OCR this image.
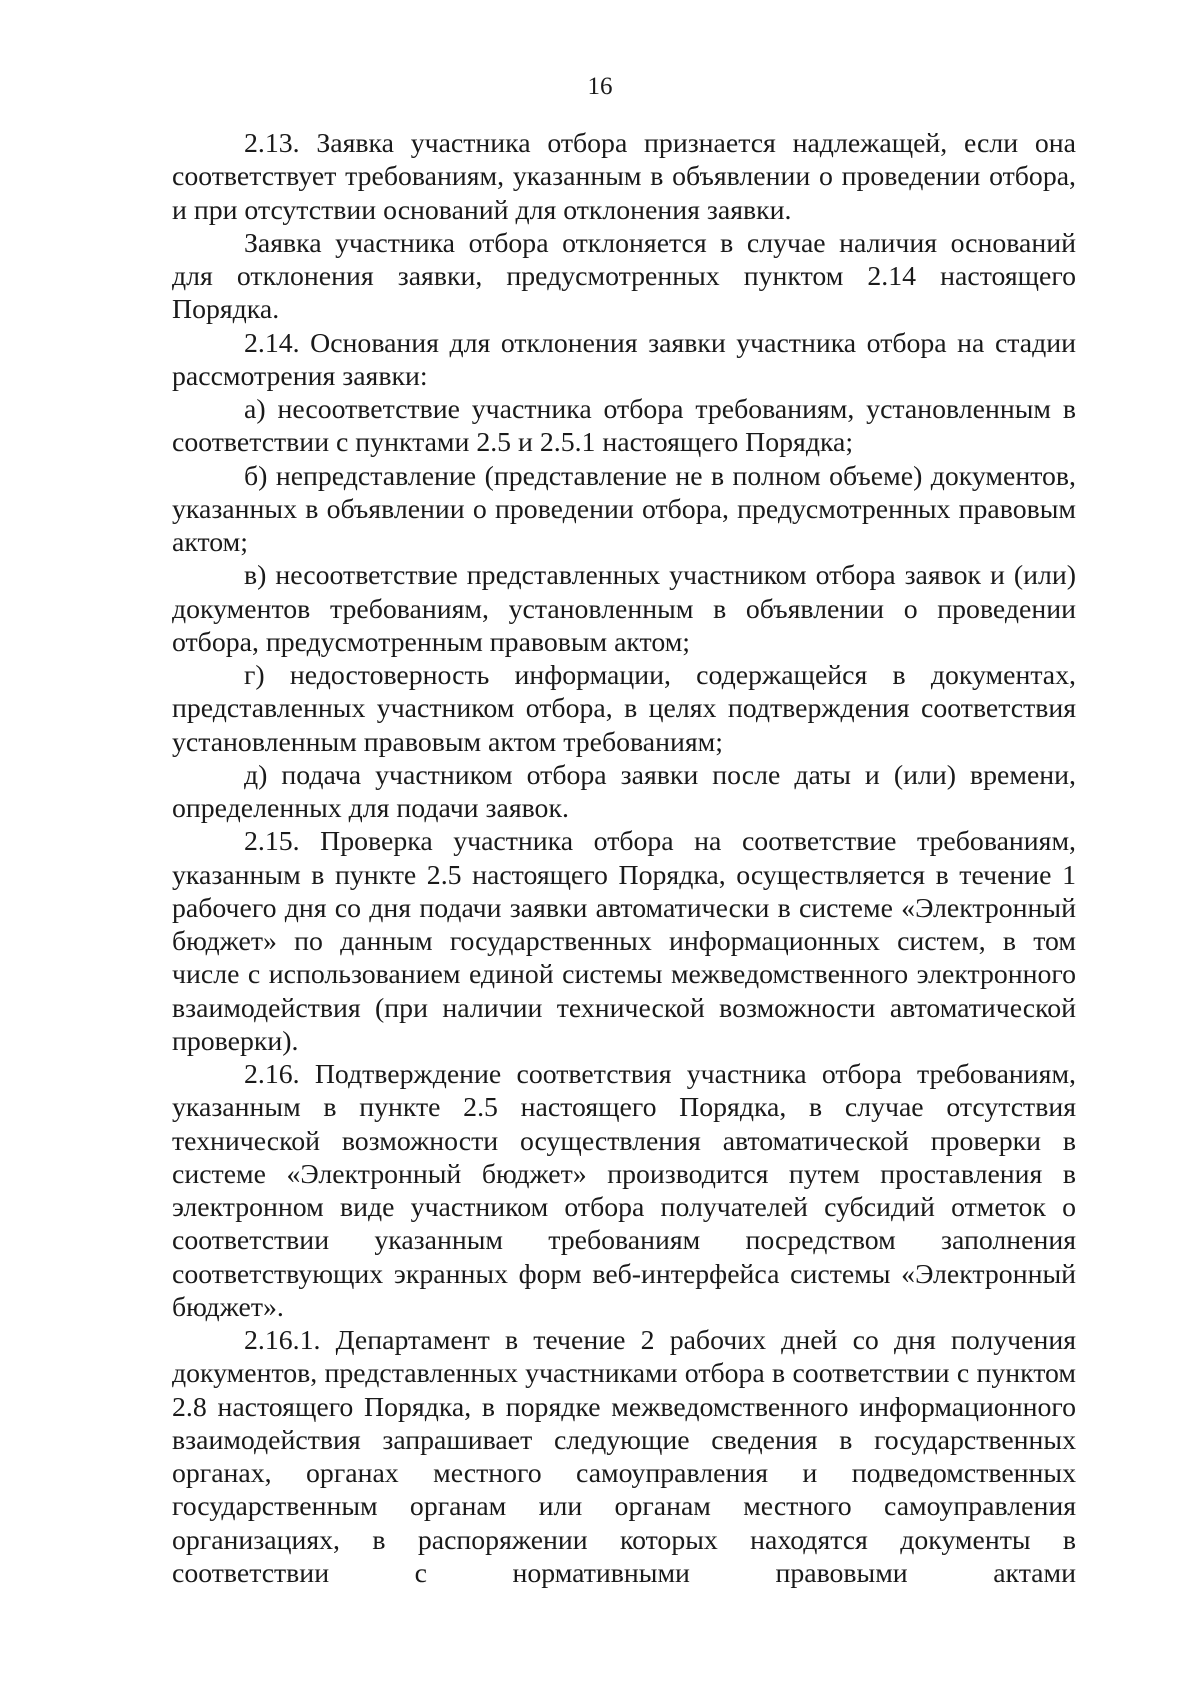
16

2.13. Заявка участника отбора признается надлежащей, если она соответствует требованиям, указанным в объявлении о проведении отбора, и при отсутствии оснований для отклонения заявки.

Заявка участника отбора отклоняется в случае наличия оснований для отклонения заявки, предусмотренных пунктом 2.14 настоящего Порядка.

2.14. Основания для отклонения заявки участника отбора на стадии рассмотрения заявки:

а) несоответствие участника отбора требованиям, установленным в соответствии с пунктами 2.5 и 2.5.1 настоящего Порядка;

б) непредставление (представление не в полном объеме) документов, указанных в объявлении о проведении отбора, предусмотренных правовым актом;

в) несоответствие представленных участником отбора заявок и (или) документов требованиям, установленным в объявлении о проведении отбора, предусмотренным правовым актом;

г) недостоверность информации, содержащейся в документах, представленных участником отбора, в целях подтверждения соответствия установленным правовым актом требованиям;

д) подача участником отбора заявки после даты и (или) времени, определенных для подачи заявок.

2.15. Проверка участника отбора на соответствие требованиям, указанным в пункте 2.5 настоящего Порядка, осуществляется в течение 1 рабочего дня со дня подачи заявки автоматически в системе «Электронный бюджет» по данным государственных информационных систем, в том числе с использованием единой системы межведомственного электронного взаимодействия (при наличии технической возможности автоматической проверки).

2.16. Подтверждение соответствия участника отбора требованиям, указанным в пункте 2.5 настоящего Порядка, в случае отсутствия технической возможности осуществления автоматической проверки в системе «Электронный бюджет» производится путем проставления в электронном виде участником отбора получателей субсидий отметок о соответствии указанным требованиям посредством заполнения соответствующих экранных форм веб-интерфейса системы «Электронный бюджет».

2.16.1. Департамент в течение 2 рабочих дней со дня получения документов, представленных участниками отбора в соответствии с пунктом 2.8 настоящего Порядка, в порядке межведомственного информационного взаимодействия запрашивает следующие сведения в государственных органах, органах местного самоуправления и подведомственных государственным органам или органам местного самоуправления организациях, в распоряжении которых находятся документы в соответствии с нормативными правовыми актами
